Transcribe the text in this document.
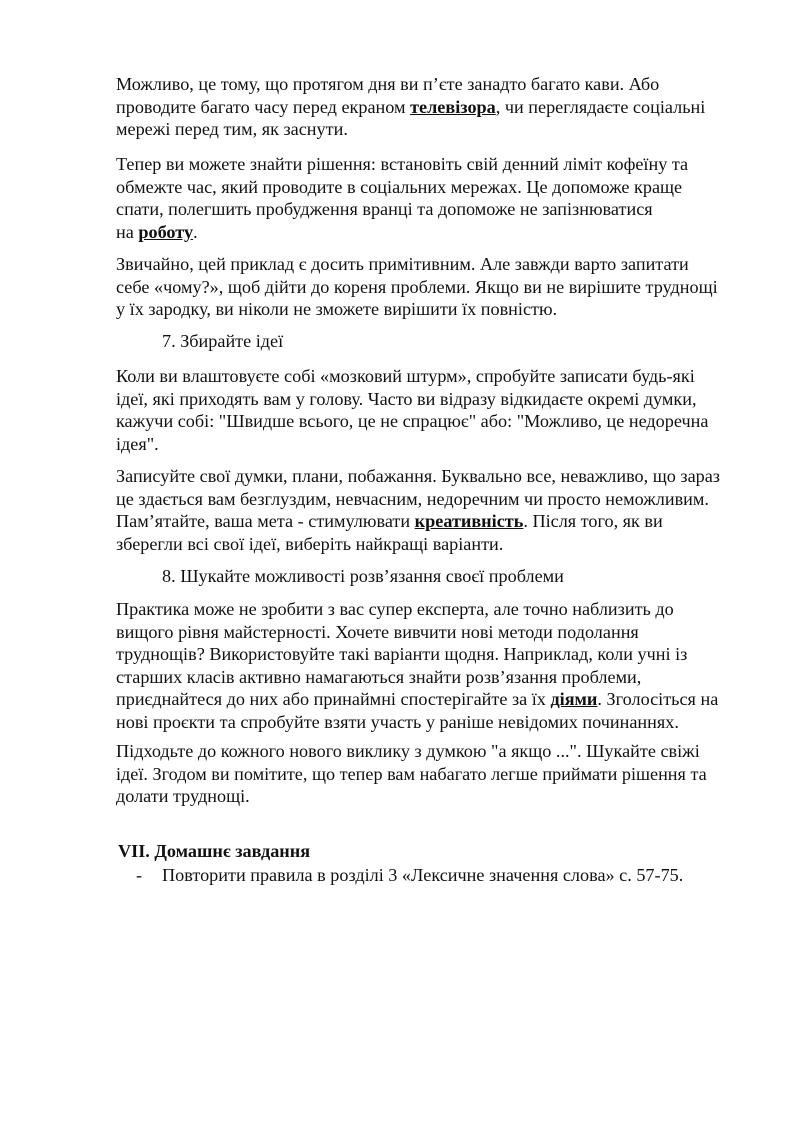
Можливо, це тому, що протягом дня ви п’єте занадто багато кави. Або
проводите багато часу перед екраном телевізора, чи переглядаєте соціальні
мережі перед тим, як заснути.

Тепер ви можете знайти рішення: встановіть свій денний ліміт кофеїну та
обмежте час, який проводите в соціальних мережах. Це допоможе краще
спати, полегшить пробудження вранці та допоможе не запізнюватися
на роботу.

Звичайно, цей приклад є досить примітивним. Але завжди варто запитати
себе «чому?», щоб дійти до кореня проблеми. Якщо ви не вирішите труднощі
у їх зародку, ви ніколи не зможете вирішити їх повністю.

7. Збирайте ідеї

Коли ви влаштовуєте собі «мозковий штурм», спробуйте записати будь-які
ідеї, які приходять вам у голову. Часто ви відразу відкидаєте окремі думки,
кажучи собі: "Швидше всього, це не спрацює" або: "Можливо, це недоречна
ідея".

Записуйте свої думки, плани, побажання. Буквально все, неважливо, що зараз
це здається вам безглуздим, невчасним, недоречним чи просто неможливим.
Пам’ятайте, ваша мета - стимулювати креативність. Після того, як ви
зберегли всі свої ідеї, виберіть найкращі варіанти.

8. Шукайте можливості розв’язання своєї проблеми

Практика може не зробити з вас супер експерта, але точно наблизить до
вищого рівня майстерності. Хочете вивчити нові методи подолання
труднощів? Використовуйте такі варіанти щодня. Наприклад, коли учні із
старших класів активно намагаються знайти розв’язання проблеми,
приєднайтеся до них або принаймні спостерігайте за їх діями. Зголосіться на
нові проєкти та спробуйте взяти участь у раніше невідомих починаннях.

Підходьте до кожного нового виклику з думкою "а якщо ...". Шукайте свіжі
ідеї. Згодом ви помітите, що тепер вам набагато легше приймати рішення та
долати труднощі.

VII. Домашнє завдання
- Повторити правила в розділі 3 «Лексичне значення слова» с. 57-75.
